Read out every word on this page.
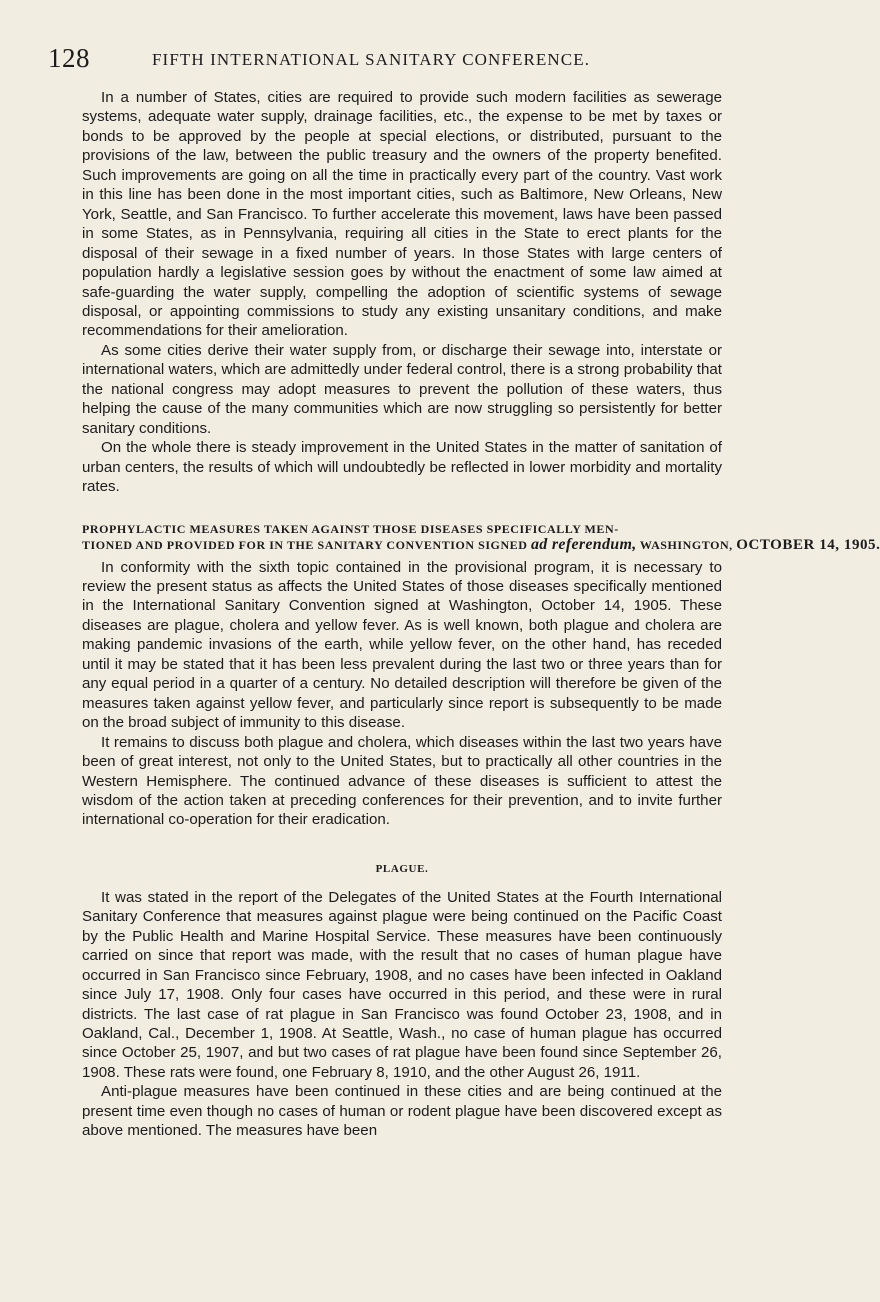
128	FIFTH INTERNATIONAL SANITARY CONFERENCE.

In a number of States, cities are required to provide such modern facilities as sewerage systems, adequate water supply, drainage facilities, etc., the expense to be met by taxes or bonds to be approved by the people at special elections, or distributed, pursuant to the provisions of the law, between the public treasury and the owners of the property benefited. Such improvements are going on all the time in practically every part of the country. Vast work in this line has been done in the most important cities, such as Baltimore, New Orleans, New York, Seattle, and San Francisco. To further accelerate this movement, laws have been passed in some States, as in Pennsylvania, requiring all cities in the State to erect plants for the disposal of their sewage in a fixed number of years. In those States with large centers of population hardly a legislative session goes by without the enactment of some law aimed at safe-guarding the water supply, compelling the adoption of scientific systems of sewage disposal, or appointing commissions to study any existing unsanitary conditions, and make recommendations for their amelioration.

As some cities derive their water supply from, or discharge their sewage into, interstate or international waters, which are admittedly under federal control, there is a strong probability that the national congress may adopt measures to prevent the pollution of these waters, thus helping the cause of the many communities which are now struggling so persistently for better sanitary conditions.

On the whole there is steady improvement in the United States in the matter of sanitation of urban centers, the results of which will undoubtedly be reflected in lower morbidity and mortality rates.

PROPHYLACTIC MEASURES TAKEN AGAINST THOSE DISEASES SPECIFICALLY MEN-
TIONED AND PROVIDED FOR IN THE SANITARY CONVENTION SIGNED ad referendum, WASHINGTON, OCTOBER 14, 1905.

In conformity with the sixth topic contained in the provisional program, it is necessary to review the present status as affects the United States of those diseases specifically mentioned in the International Sanitary Convention signed at Washington, October 14, 1905. These diseases are plague, cholera and yellow fever. As is well known, both plague and cholera are making pandemic invasions of the earth, while yellow fever, on the other hand, has receded until it may be stated that it has been less prevalent during the last two or three years than for any equal period in a quarter of a century. No detailed description will therefore be given of the measures taken against yellow fever, and particularly since report is subsequently to be made on the broad subject of immunity to this disease.

It remains to discuss both plague and cholera, which diseases within the last two years have been of great interest, not only to the United States, but to practically all other countries in the Western Hemisphere. The continued advance of these diseases is sufficient to attest the wisdom of the action taken at preceding conferences for their prevention, and to invite further international co-operation for their eradication.

PLAGUE.

It was stated in the report of the Delegates of the United States at the Fourth International Sanitary Conference that measures against plague were being continued on the Pacific Coast by the Public Health and Marine Hospital Service. These measures have been continuously carried on since that report was made, with the result that no cases of human plague have occurred in San Francisco since February, 1908, and no cases have been infected in Oakland since July 17, 1908. Only four cases have occurred in this period, and these were in rural districts. The last case of rat plague in San Francisco was found October 23, 1908, and in Oakland, Cal., December 1, 1908. At Seattle, Wash., no case of human plague has occurred since October 25, 1907, and but two cases of rat plague have been found since September 26, 1908. These rats were found, one February 8, 1910, and the other August 26, 1911.

Anti-plague measures have been continued in these cities and are being continued at the present time even though no cases of human or rodent plague have been discovered except as above mentioned. The measures have been
